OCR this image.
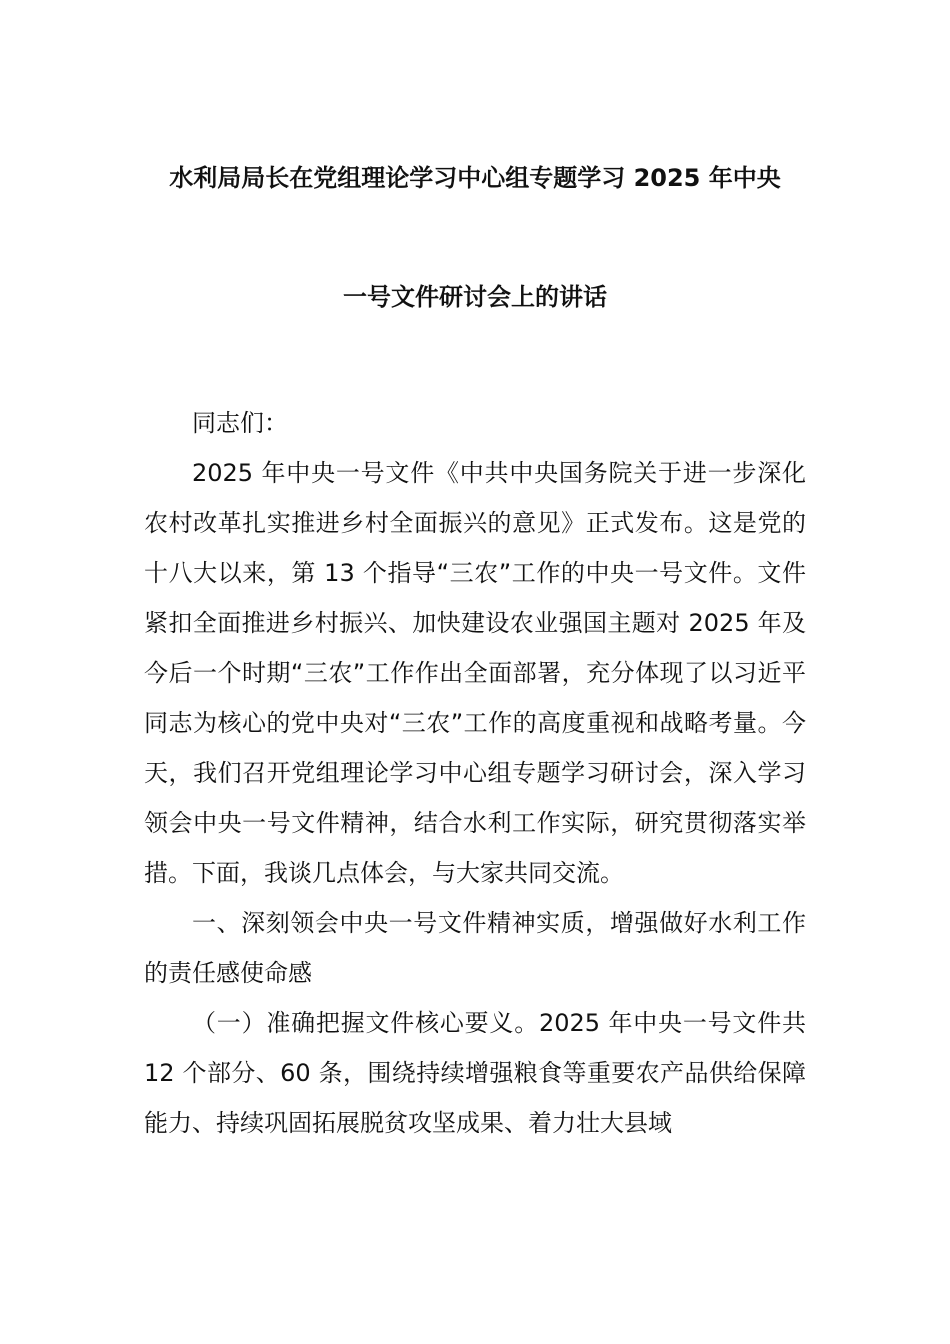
水利局局长在党组理论学习中心组专题学习 2025 年中央
一号文件研讨会上的讲话

同志们：

2025 年中央一号文件《中共中央国务院关于进一步深化农村改革扎实推进乡村全面振兴的意见》正式发布。这是党的十八大以来，第 13 个指导“三农”工作的中央一号文件。文件紧扣全面推进乡村振兴、加快建设农业强国主题对 2025 年及今后一个时期“三农”工作作出全面部署，充分体现了以习近平同志为核心的党中央对“三农”工作的高度重视和战略考量。今天，我们召开党组理论学习中心组专题学习研讨会，深入学习领会中央一号文件精神，结合水利工作实际，研究贯彻落实举措。下面，我谈几点体会，与大家共同交流。

一、深刻领会中央一号文件精神实质，增强做好水利工作的责任感使命感

（一）准确把握文件核心要义。2025 年中央一号文件共 12 个部分、60 条，围绕持续增强粮食等重要农产品供给保障能力、持续巩固拓展脱贫攻坚成果、着力壮大县域
